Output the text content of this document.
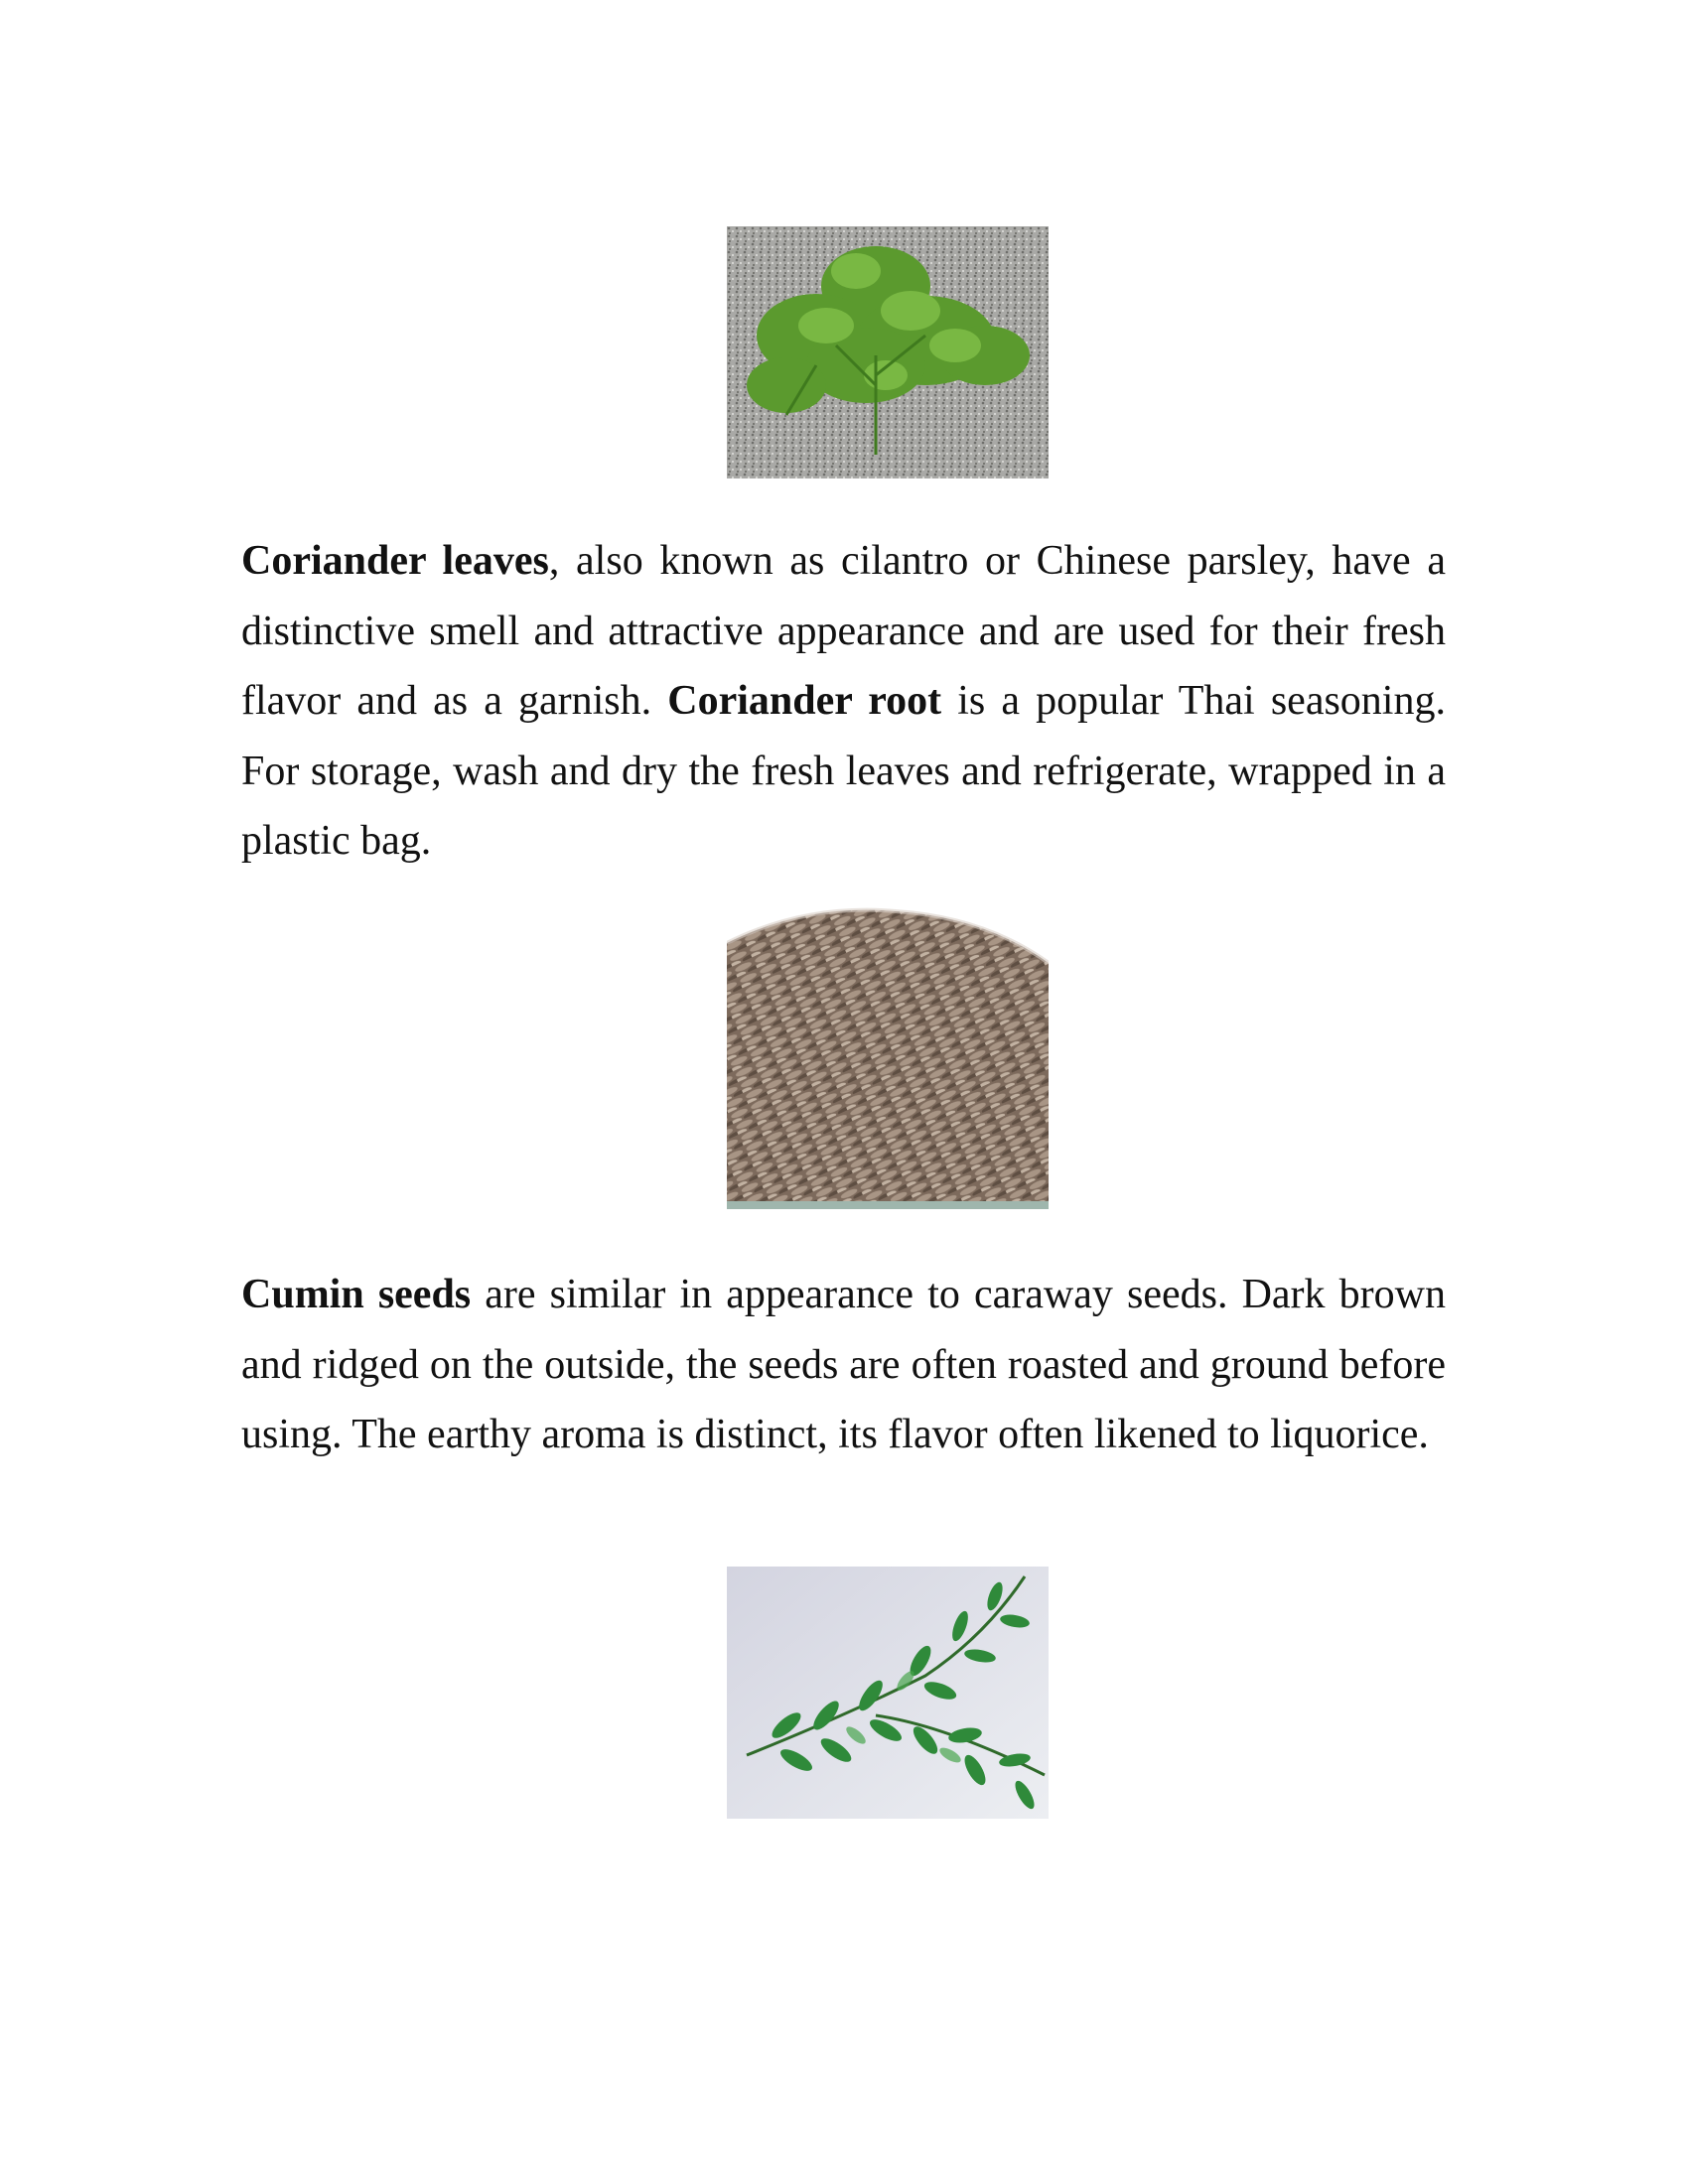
Coriander leaves, also known as cilantro or Chinese parsley, have a distinctive smell and attractive appearance and are used for their fresh flavor and as a garnish. Coriander root is a popular Thai seasoning. For storage, wash and dry the fresh leaves and refrigerate, wrapped in a plastic bag.

Cumin seeds are similar in appearance to caraway seeds. Dark brown and ridged on the outside, the seeds are often roasted and ground before using. The earthy aroma is distinct, its flavor often likened to liquorice.
